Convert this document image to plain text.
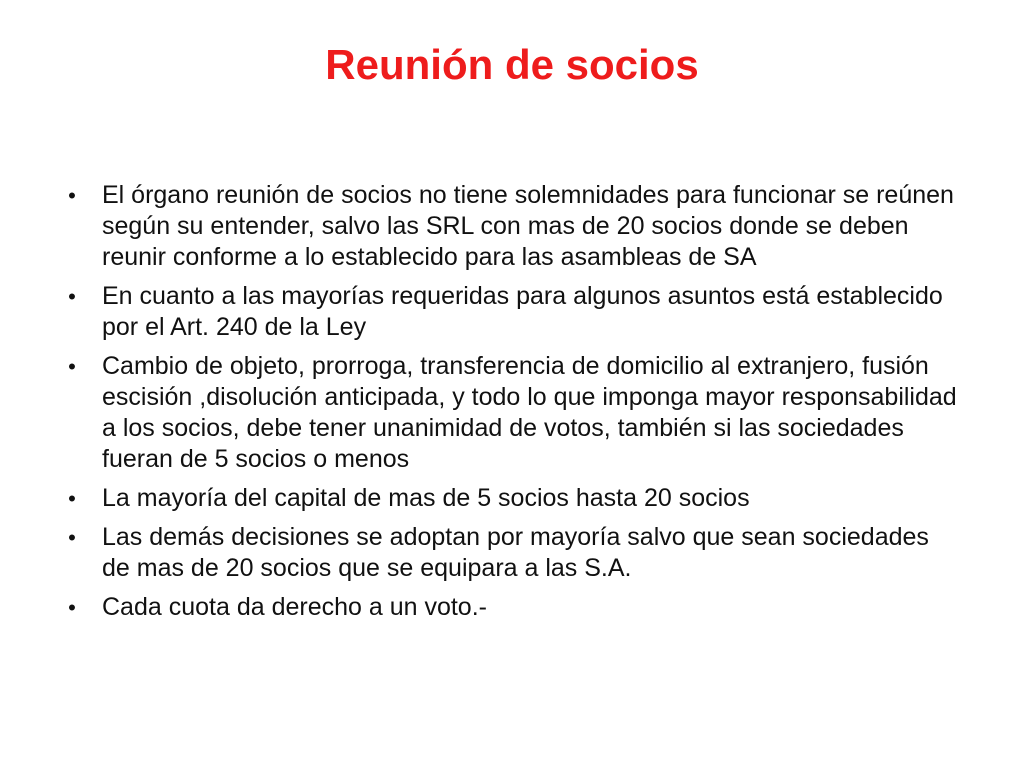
Reunión de socios
• El órgano reunión de socios no tiene solemnidades para funcionar se reúnen según su entender, salvo las SRL con mas de 20 socios donde se deben reunir conforme a lo establecido para las asambleas de SA
• En cuanto a las mayorías requeridas para algunos asuntos está establecido por el Art. 240 de la Ley
• Cambio de objeto, prorroga, transferencia de domicilio al extranjero, fusión escisión ,disolución anticipada, y todo lo que imponga mayor responsabilidad a los socios, debe tener unanimidad de votos, también si las sociedades fueran de 5 socios o menos
• La mayoría del capital de mas de 5 socios hasta 20 socios
• Las demás decisiones se adoptan por mayoría salvo que sean sociedades de mas de 20 socios que se equipara a las S.A.
• Cada cuota da derecho a un voto.-
